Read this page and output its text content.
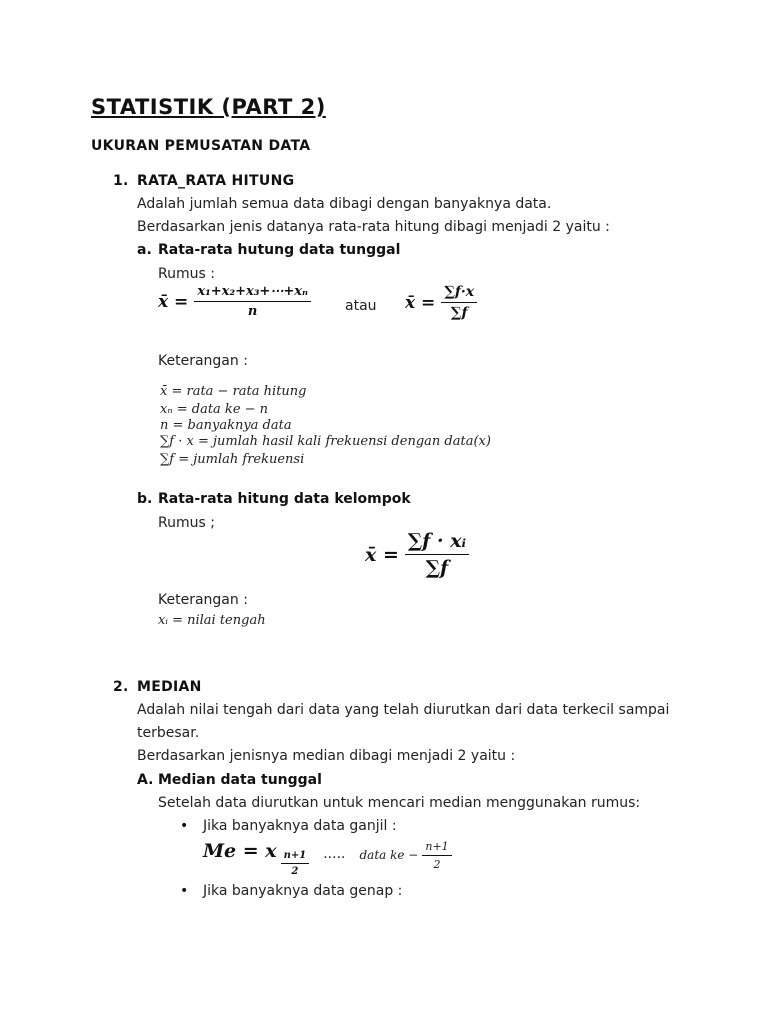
STATISTIK (PART 2)
UKURAN PEMUSATAN DATA
1. RATA_RATA HITUNG
Adalah jumlah semua data dibagi dengan banyaknya data.
Berdasarkan jenis datanya rata-rata hitung dibagi menjadi 2 yaitu :
a. Rata-rata hutung data tunggal
Rumus :
x̄ = $\frac{\text{x₁+x₂+x₃+⋯+xₙ}}{n}$ atau x̄ = $\frac{\sum f\cdot x}{\sum f}$
Keterangan :
x̄ = rata − rata hitung
xₙ = data ke − n
n = banyaknya data
∑f · x = jumlah hasil kali frekuensi dengan data(x)
∑f = jumlah frekuensi
b. Rata-rata hitung data kelompok
Rumus ;
x̄ = $\frac{\text{∑f · xᵢ}}{\sum f}$
Keterangan :
xᵢ = nilai tengah
2. MEDIAN
Adalah nilai tengah dari data yang telah diurutkan dari data terkecil sampai
terbesar.
Berdasarkan jenisnya median dibagi menjadi 2 yaitu :
A. Median data tunggal
Setelah data diurutkan untuk mencari median menggunakan rumus:
• Jika banyaknya data ganjil :
Me = x $\frac{n+1}{2}$ ..... data ke − $\frac{n+1}{2}$
• Jika banyaknya data genap :
